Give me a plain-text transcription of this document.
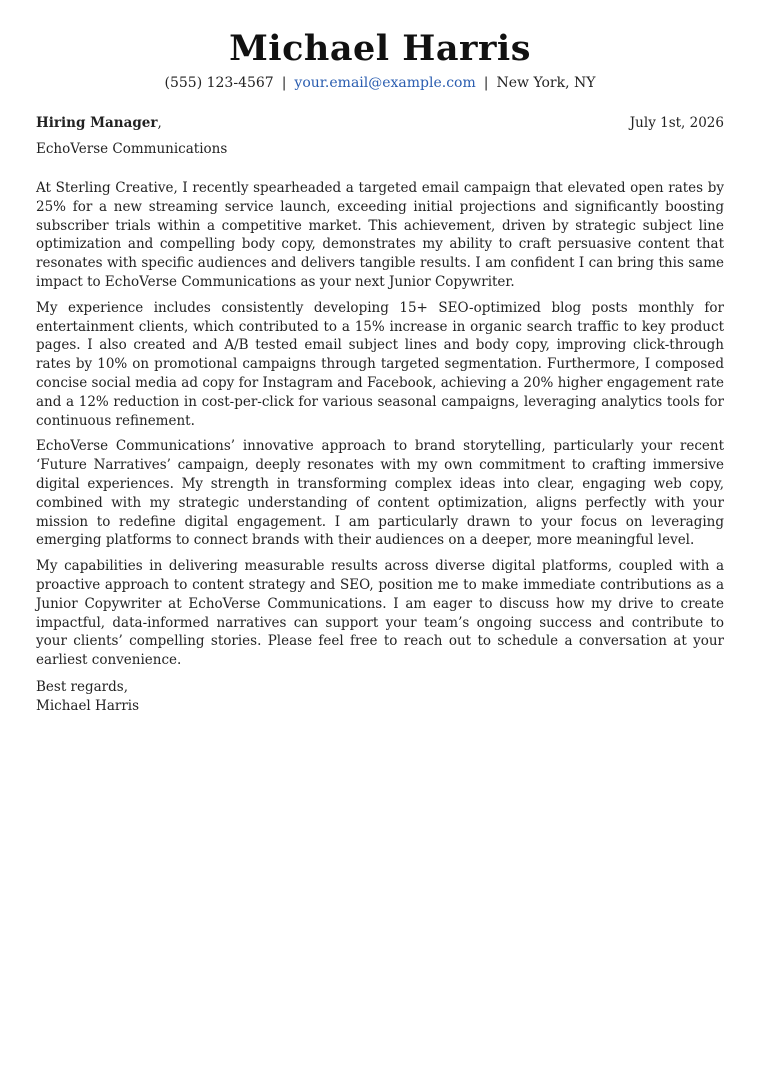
Michael Harris
(555) 123-4567 | your.email@example.com | New York, NY
Hiring Manager,	July 1st, 2026
EchoVerse Communications

At Sterling Creative, I recently spearheaded a targeted email campaign that elevated open rates by 25% for a new streaming service launch, exceeding initial projections and significantly boosting subscriber trials within a competitive market. This achievement, driven by strategic subject line optimization and compelling body copy, demonstrates my ability to craft persuasive content that resonates with specific audiences and delivers tangible results. I am confident I can bring this same impact to EchoVerse Communications as your next Junior Copywriter.

My experience includes consistently developing 15+ SEO-optimized blog posts monthly for entertainment clients, which contributed to a 15% increase in organic search traffic to key product pages. I also created and A/B tested email subject lines and body copy, improving click-through rates by 10% on promotional campaigns through targeted segmentation. Furthermore, I composed concise social media ad copy for Instagram and Facebook, achieving a 20% higher engagement rate and a 12% reduction in cost-per-click for various seasonal campaigns, leveraging analytics tools for continuous refinement.

EchoVerse Communications’ innovative approach to brand storytelling, particularly your recent ‘Future Narratives’ campaign, deeply resonates with my own commitment to crafting immersive digital experiences. My strength in transforming complex ideas into clear, engaging web copy, combined with my strategic understanding of content optimization, aligns perfectly with your mission to redefine digital engagement. I am particularly drawn to your focus on leveraging emerging platforms to connect brands with their audiences on a deeper, more meaningful level.

My capabilities in delivering measurable results across diverse digital platforms, coupled with a proactive approach to content strategy and SEO, position me to make immediate contributions as a Junior Copywriter at EchoVerse Communications. I am eager to discuss how my drive to create impactful, data-informed narratives can support your team’s ongoing success and contribute to your clients’ compelling stories. Please feel free to reach out to schedule a conversation at your earliest convenience.

Best regards,
Michael Harris
